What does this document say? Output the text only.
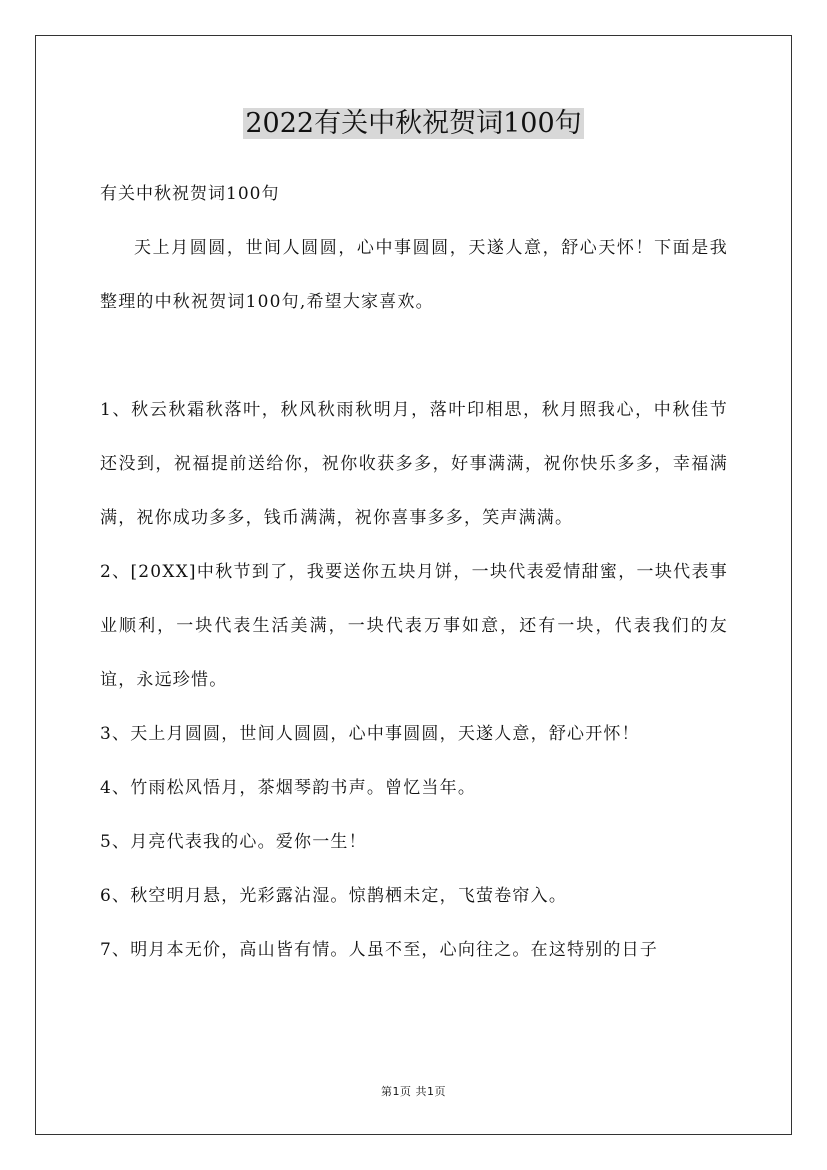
2022有关中秋祝贺词100句
有关中秋祝贺词100句

天上月圆圆，世间人圆圆，心中事圆圆，天遂人意，舒心天怀！下面是我整理的中秋祝贺词100句,希望大家喜欢。

1、秋云秋霜秋落叶，秋风秋雨秋明月，落叶印相思，秋月照我心，中秋佳节还没到，祝福提前送给你，祝你收获多多，好事满满，祝你快乐多多，幸福满满，祝你成功多多，钱币满满，祝你喜事多多，笑声满满。

2、[20XX]中秋节到了，我要送你五块月饼，一块代表爱情甜蜜，一块代表事业顺利，一块代表生活美满，一块代表万事如意，还有一块，代表我们的友谊，永远珍惜。

3、天上月圆圆，世间人圆圆，心中事圆圆，天遂人意，舒心开怀！

4、竹雨松风悟月，茶烟琴韵书声。曾忆当年。

5、月亮代表我的心。爱你一生！

6、秋空明月悬，光彩露沾湿。惊鹊栖未定，飞萤卷帘入。

7、明月本无价，高山皆有情。人虽不至，心向往之。在这特别的日子

第1页 共1页
